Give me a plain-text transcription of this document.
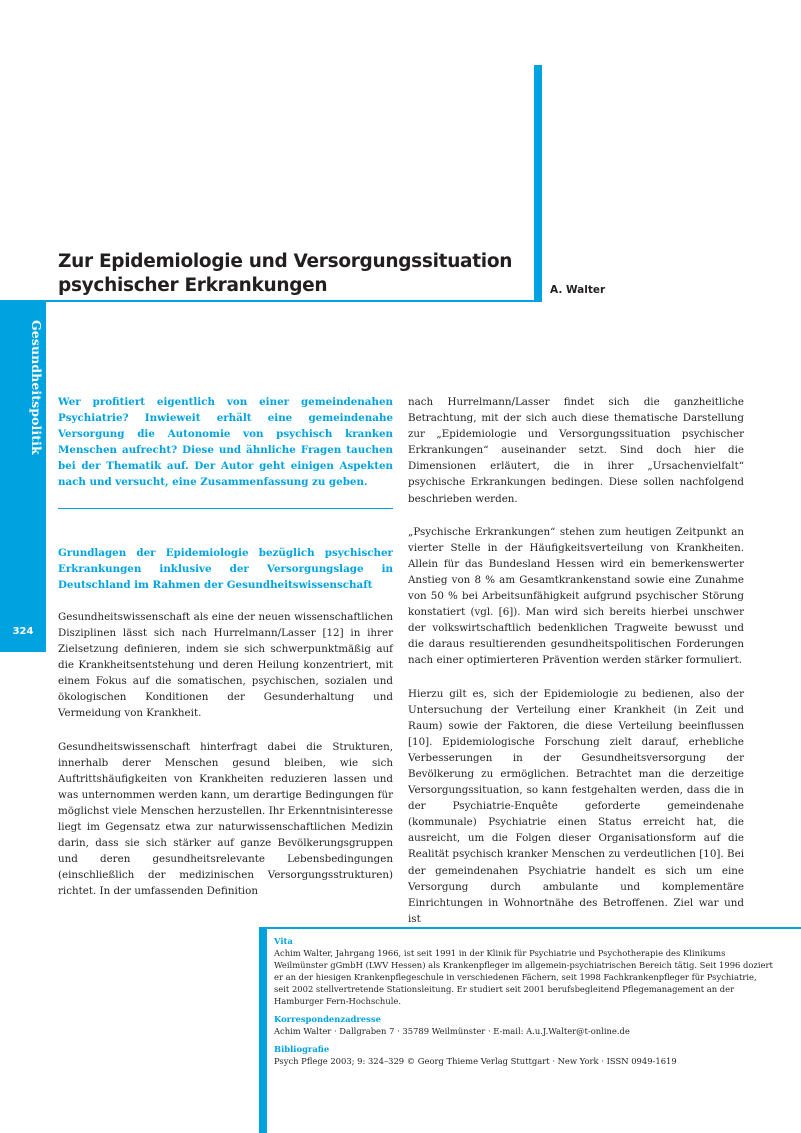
Gesundheitspolitik
324
Zur Epidemiologie und Versorgungssituation
psychischer Erkrankungen	A. Walter

Wer profitiert eigentlich von einer gemeindenahen Psychiatrie? Inwieweit erhält eine gemeindenahe Versorgung die Autonomie von psychisch kranken Menschen aufrecht? Diese und ähnliche Fragen tauchen bei der Thematik auf. Der Autor geht einigen Aspekten nach und versucht, eine Zusammenfassung zu geben.

Grundlagen der Epidemiologie bezüglich psychischer Erkrankungen inklusive der Versorgungslage in Deutschland im Rahmen der Gesundheitswissenschaft

Gesundheitswissenschaft als eine der neuen wissenschaftlichen Disziplinen lässt sich nach Hurrelmann/Lasser [12] in ihrer Zielsetzung definieren, indem sie sich schwerpunktmäßig auf die Krankheitsentstehung und deren Heilung konzentriert, mit einem Fokus auf die somatischen, psychischen, sozialen und ökologischen Konditionen der Gesunderhaltung und Vermeidung von Krankheit.

Gesundheitswissenschaft hinterfragt dabei die Strukturen, innerhalb derer Menschen gesund bleiben, wie sich Auftrittshäufigkeiten von Krankheiten reduzieren lassen und was unternommen werden kann, um derartige Bedingungen für möglichst viele Menschen herzustellen. Ihr Erkenntnisinteresse liegt im Gegensatz etwa zur naturwissenschaftlichen Medizin darin, dass sie sich stärker auf ganze Bevölkerungsgruppen und deren gesundheitsrelevante Lebensbedingungen (einschließlich der medizinischen Versorgungsstrukturen) richtet. In der umfassenden Definition

nach Hurrelmann/Lasser findet sich die ganzheitliche Betrachtung, mit der sich auch diese thematische Darstellung zur „Epidemiologie und Versorgungssituation psychischer Erkrankungen“ auseinander setzt. Sind doch hier die Dimensionen erläutert, die in ihrer „Ursachenvielfalt“ psychische Erkrankungen bedingen. Diese sollen nachfolgend beschrieben werden.

„Psychische Erkrankungen“ stehen zum heutigen Zeitpunkt an vierter Stelle in der Häufigkeitsverteilung von Krankheiten. Allein für das Bundesland Hessen wird ein bemerkenswerter Anstieg von 8 % am Gesamtkrankenstand sowie eine Zunahme von 50 % bei Arbeitsunfähigkeit aufgrund psychischer Störung konstatiert (vgl. [6]). Man wird sich bereits hierbei unschwer der volkswirtschaftlich bedenklichen Tragweite bewusst und die daraus resultierenden gesundheitspolitischen Forderungen nach einer optimierteren Prävention werden stärker formuliert.

Hierzu gilt es, sich der Epidemiologie zu bedienen, also der Untersuchung der Verteilung einer Krankheit (in Zeit und Raum) sowie der Faktoren, die diese Verteilung beeinflussen [10]. Epidemiologische Forschung zielt darauf, erhebliche Verbesserungen in der Gesundheitsversorgung der Bevölkerung zu ermöglichen. Betrachtet man die derzeitige Versorgungssituation, so kann festgehalten werden, dass die in der Psychiatrie-Enquête geforderte gemeindenahe (kommunale) Psychiatrie einen Status erreicht hat, die ausreicht, um die Folgen dieser Organisationsform auf die Realität psychisch kranker Menschen zu verdeutlichen [10]. Bei der gemeindenahen Psychiatrie handelt es sich um eine Versorgung durch ambulante und komplementäre Einrichtungen in Wohnortnähe des Betroffenen. Ziel war und ist

Vita
Achim Walter, Jahrgang 1966, ist seit 1991 in der Klinik für Psychiatrie und Psychotherapie des Klinikums Weilmünster gGmbH (LWV Hessen) als Krankenpfleger im allgemein-psychiatrischen Bereich tätig. Seit 1996 doziert er an der hiesigen Krankenpflegeschule in verschiedenen Fächern, seit 1998 Fachkrankenpfleger für Psychiatrie, seit 2002 stellvertretende Stationsleitung. Er studiert seit 2001 berufsbegleitend Pflegemanagement an der Hamburger Fern-Hochschule.
Korrespondenzadresse
Achim Walter · Dallgraben 7 · 35789 Weilmünster · E-mail: A.u.J.Walter@t-online.de
Bibliografie
Psych Pflege 2003; 9: 324–329 © Georg Thieme Verlag Stuttgart · New York · ISSN 0949-1619
